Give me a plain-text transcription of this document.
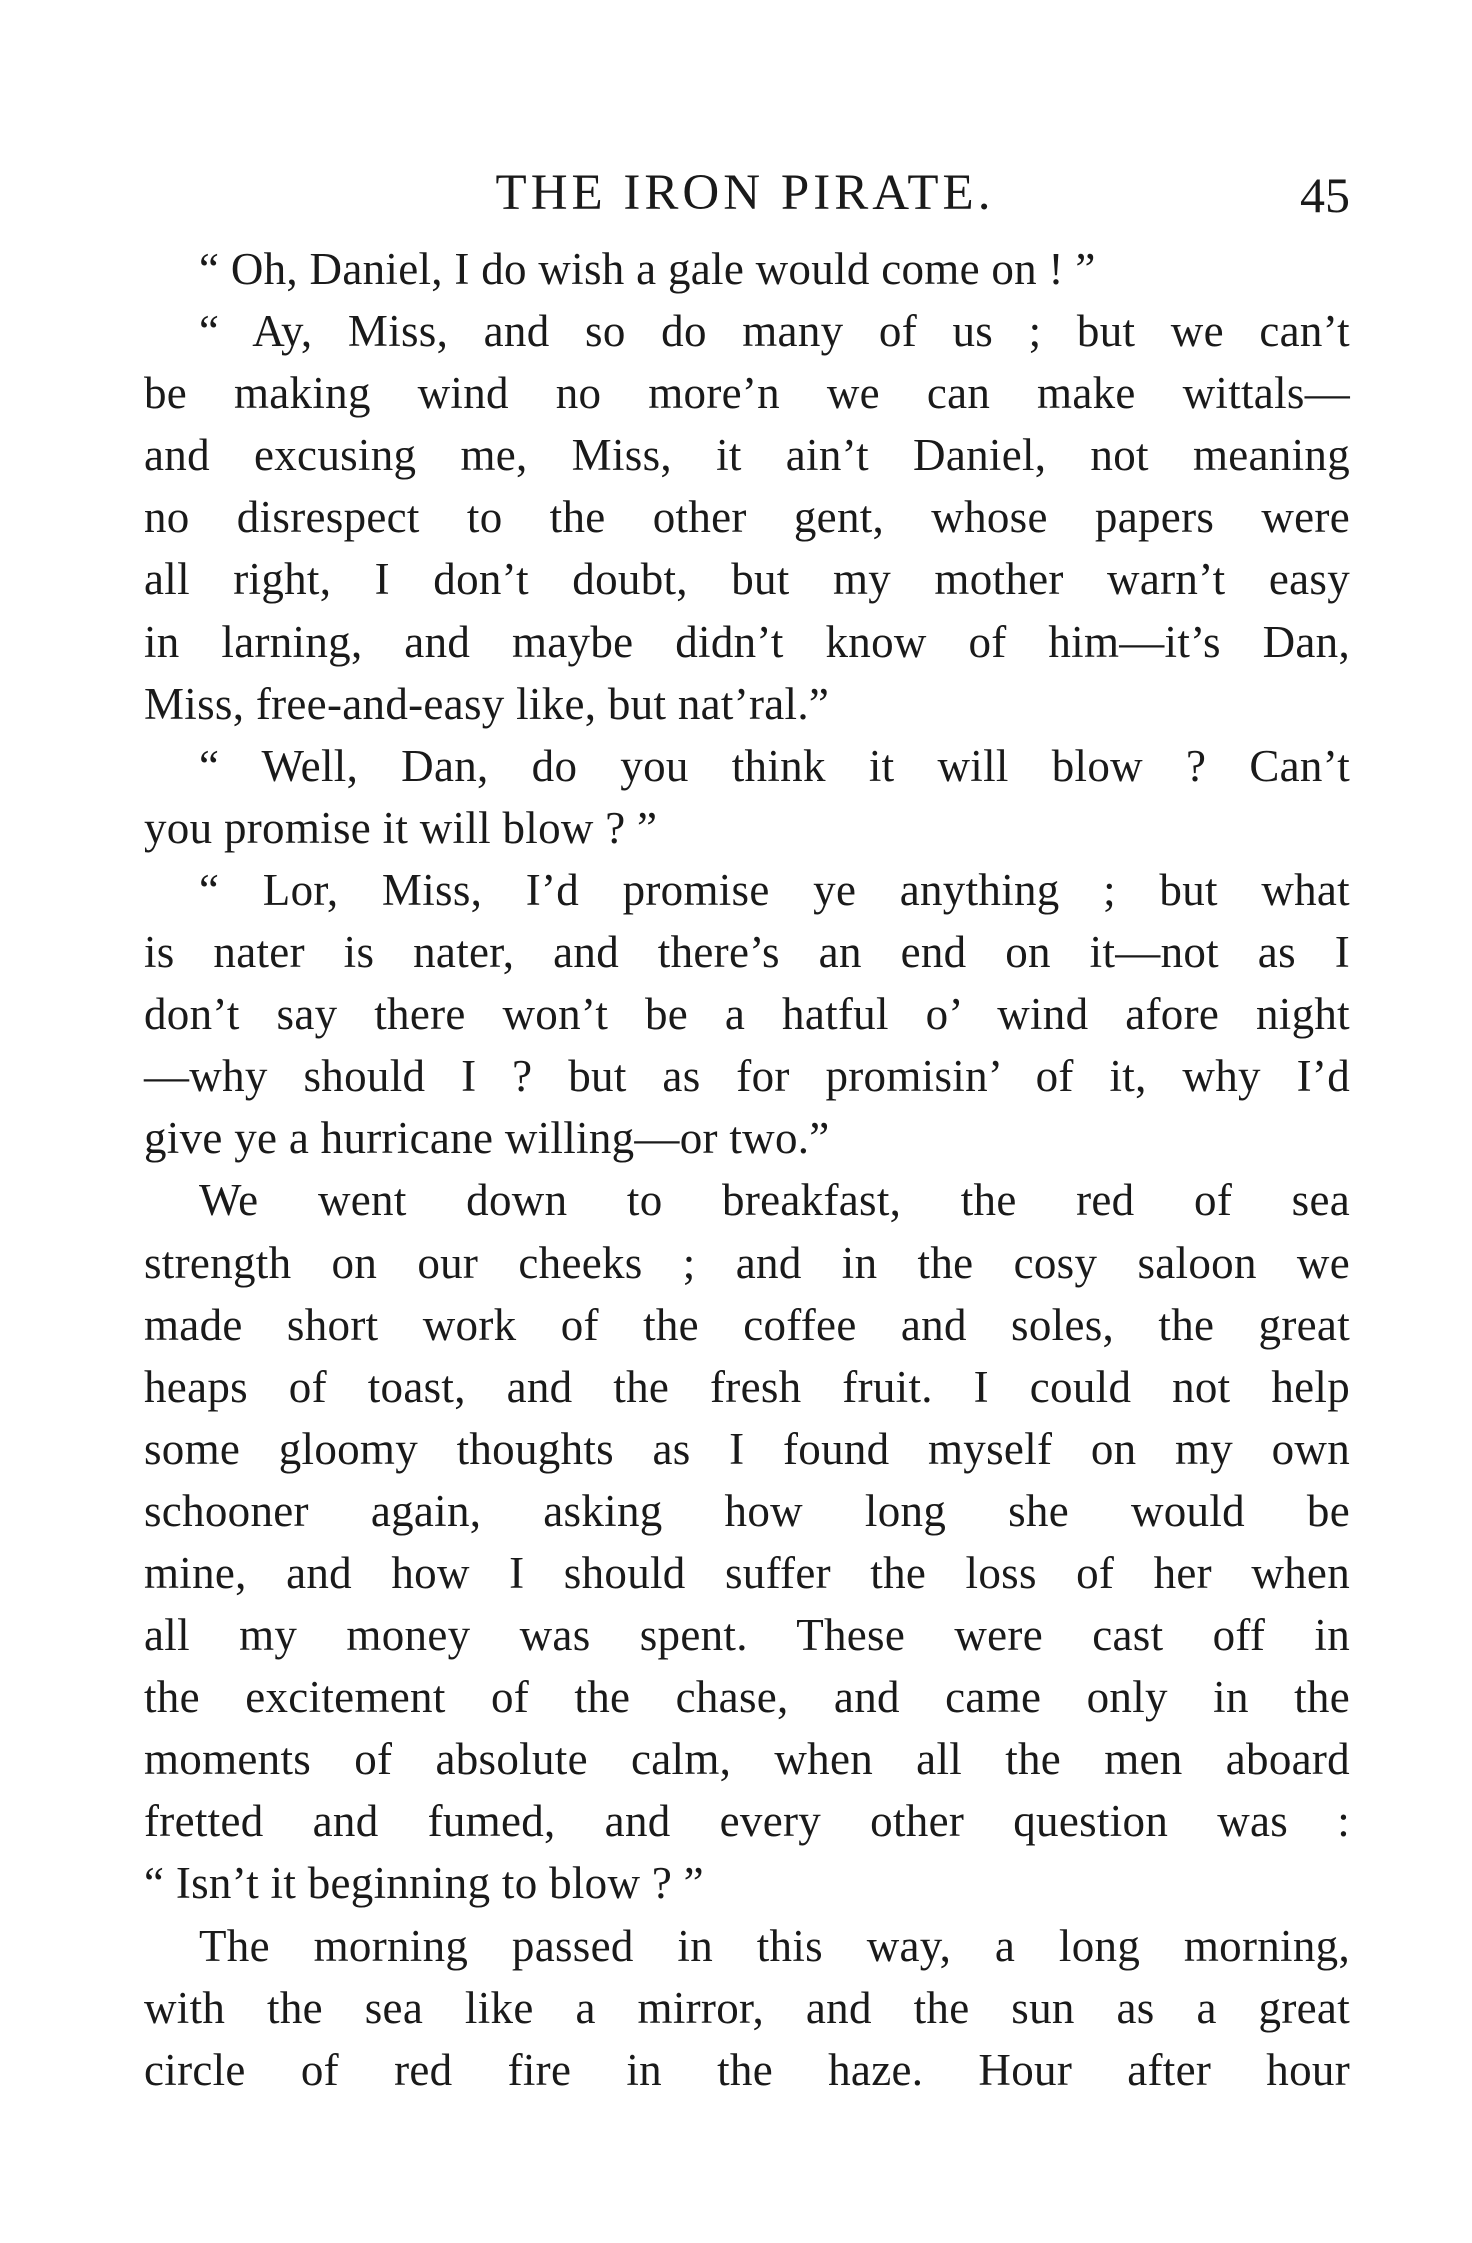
THE IRON PIRATE.	45
“ Oh, Daniel, I do wish a gale would come on ! ”
“ Ay, Miss, and so do many of us ; but we can’t
be making wind no more’n we can make wittals—
and excusing me, Miss, it ain’t Daniel, not meaning
no disrespect to the other gent, whose papers were
all right, I don’t doubt, but my mother warn’t easy
in larning, and maybe didn’t know of him—it’s Dan,
Miss, free-and-easy like, but nat’ral.”
“ Well, Dan, do you think it will blow ? Can’t
you promise it will blow ? ”
“ Lor, Miss, I’d promise ye anything ; but what
is nater is nater, and there’s an end on it—not as I
don’t say there won’t be a hatful o’ wind afore night
—why should I ? but as for promisin’ of it, why I’d
give ye a hurricane willing—or two.”
We went down to breakfast, the red of sea
strength on our cheeks ; and in the cosy saloon we
made short work of the coffee and soles, the great
heaps of toast, and the fresh fruit. I could not help
some gloomy thoughts as I found myself on my own
schooner again, asking how long she would be
mine, and how I should suffer the loss of her when
all my money was spent. These were cast off in
the excitement of the chase, and came only in the
moments of absolute calm, when all the men aboard
fretted and fumed, and every other question was :
“ Isn’t it beginning to blow ? ”
The morning passed in this way, a long morning,
with the sea like a mirror, and the sun as a great
circle of red fire in the haze. Hour after hour
